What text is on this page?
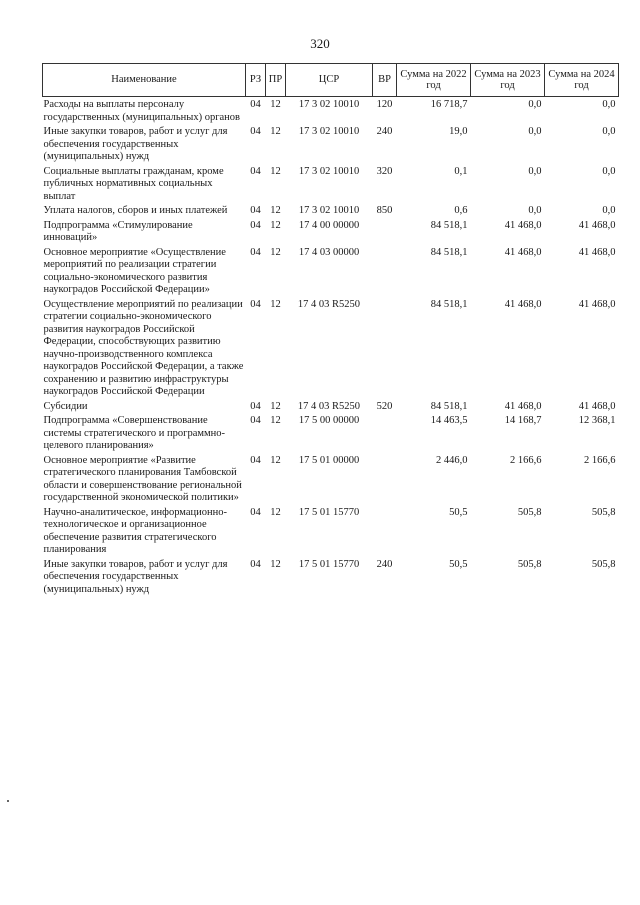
320
Наименование	РЗ	ПР	ЦСР	ВР	Сумма на 2022 год	Сумма на 2023 год	Сумма на 2024 год
Расходы на выплаты персоналу государственных (муниципальных) органов	04	12	17 3 02 10010	120	16 718,7	0,0	0,0
Иные закупки товаров, работ и услуг для обеспечения государственных (муниципальных) нужд	04	12	17 3 02 10010	240	19,0	0,0	0,0
Социальные выплаты гражданам, кроме публичных нормативных социальных выплат	04	12	17 3 02 10010	320	0,1	0,0	0,0
Уплата налогов, сборов и иных платежей	04	12	17 3 02 10010	850	0,6	0,0	0,0
Подпрограмма «Стимулирование инноваций»	04	12	17 4 00 00000		84 518,1	41 468,0	41 468,0
Основное мероприятие «Осуществление мероприятий по реализации стратегии социально-экономического развития наукоградов Российской Федерации»	04	12	17 4 03 00000		84 518,1	41 468,0	41 468,0
Осуществление мероприятий по реализации стратегии социально-экономического развития наукоградов Российской Федерации, способствующих развитию научно-производственного комплекса наукоградов Российской Федерации, а также сохранению и развитию инфраструктуры наукоградов Российской Федерации	04	12	17 4 03 R5250		84 518,1	41 468,0	41 468,0
Субсидии	04	12	17 4 03 R5250	520	84 518,1	41 468,0	41 468,0
Подпрограмма «Совершенствование системы стратегического и программно-целевого планирования»	04	12	17 5 00 00000		14 463,5	14 168,7	12 368,1
Основное мероприятие «Развитие стратегического планирования Тамбовской области и совершенствование региональной государственной экономической политики»	04	12	17 5 01 00000		2 446,0	2 166,6	2 166,6
Научно-аналитическое, информационно-технологическое и организационное обеспечение развития стратегического планирования	04	12	17 5 01 15770		50,5	505,8	505,8
Иные закупки товаров, работ и услуг для обеспечения государственных (муниципальных) нужд	04	12	17 5 01 15770	240	50,5	505,8	505,8
